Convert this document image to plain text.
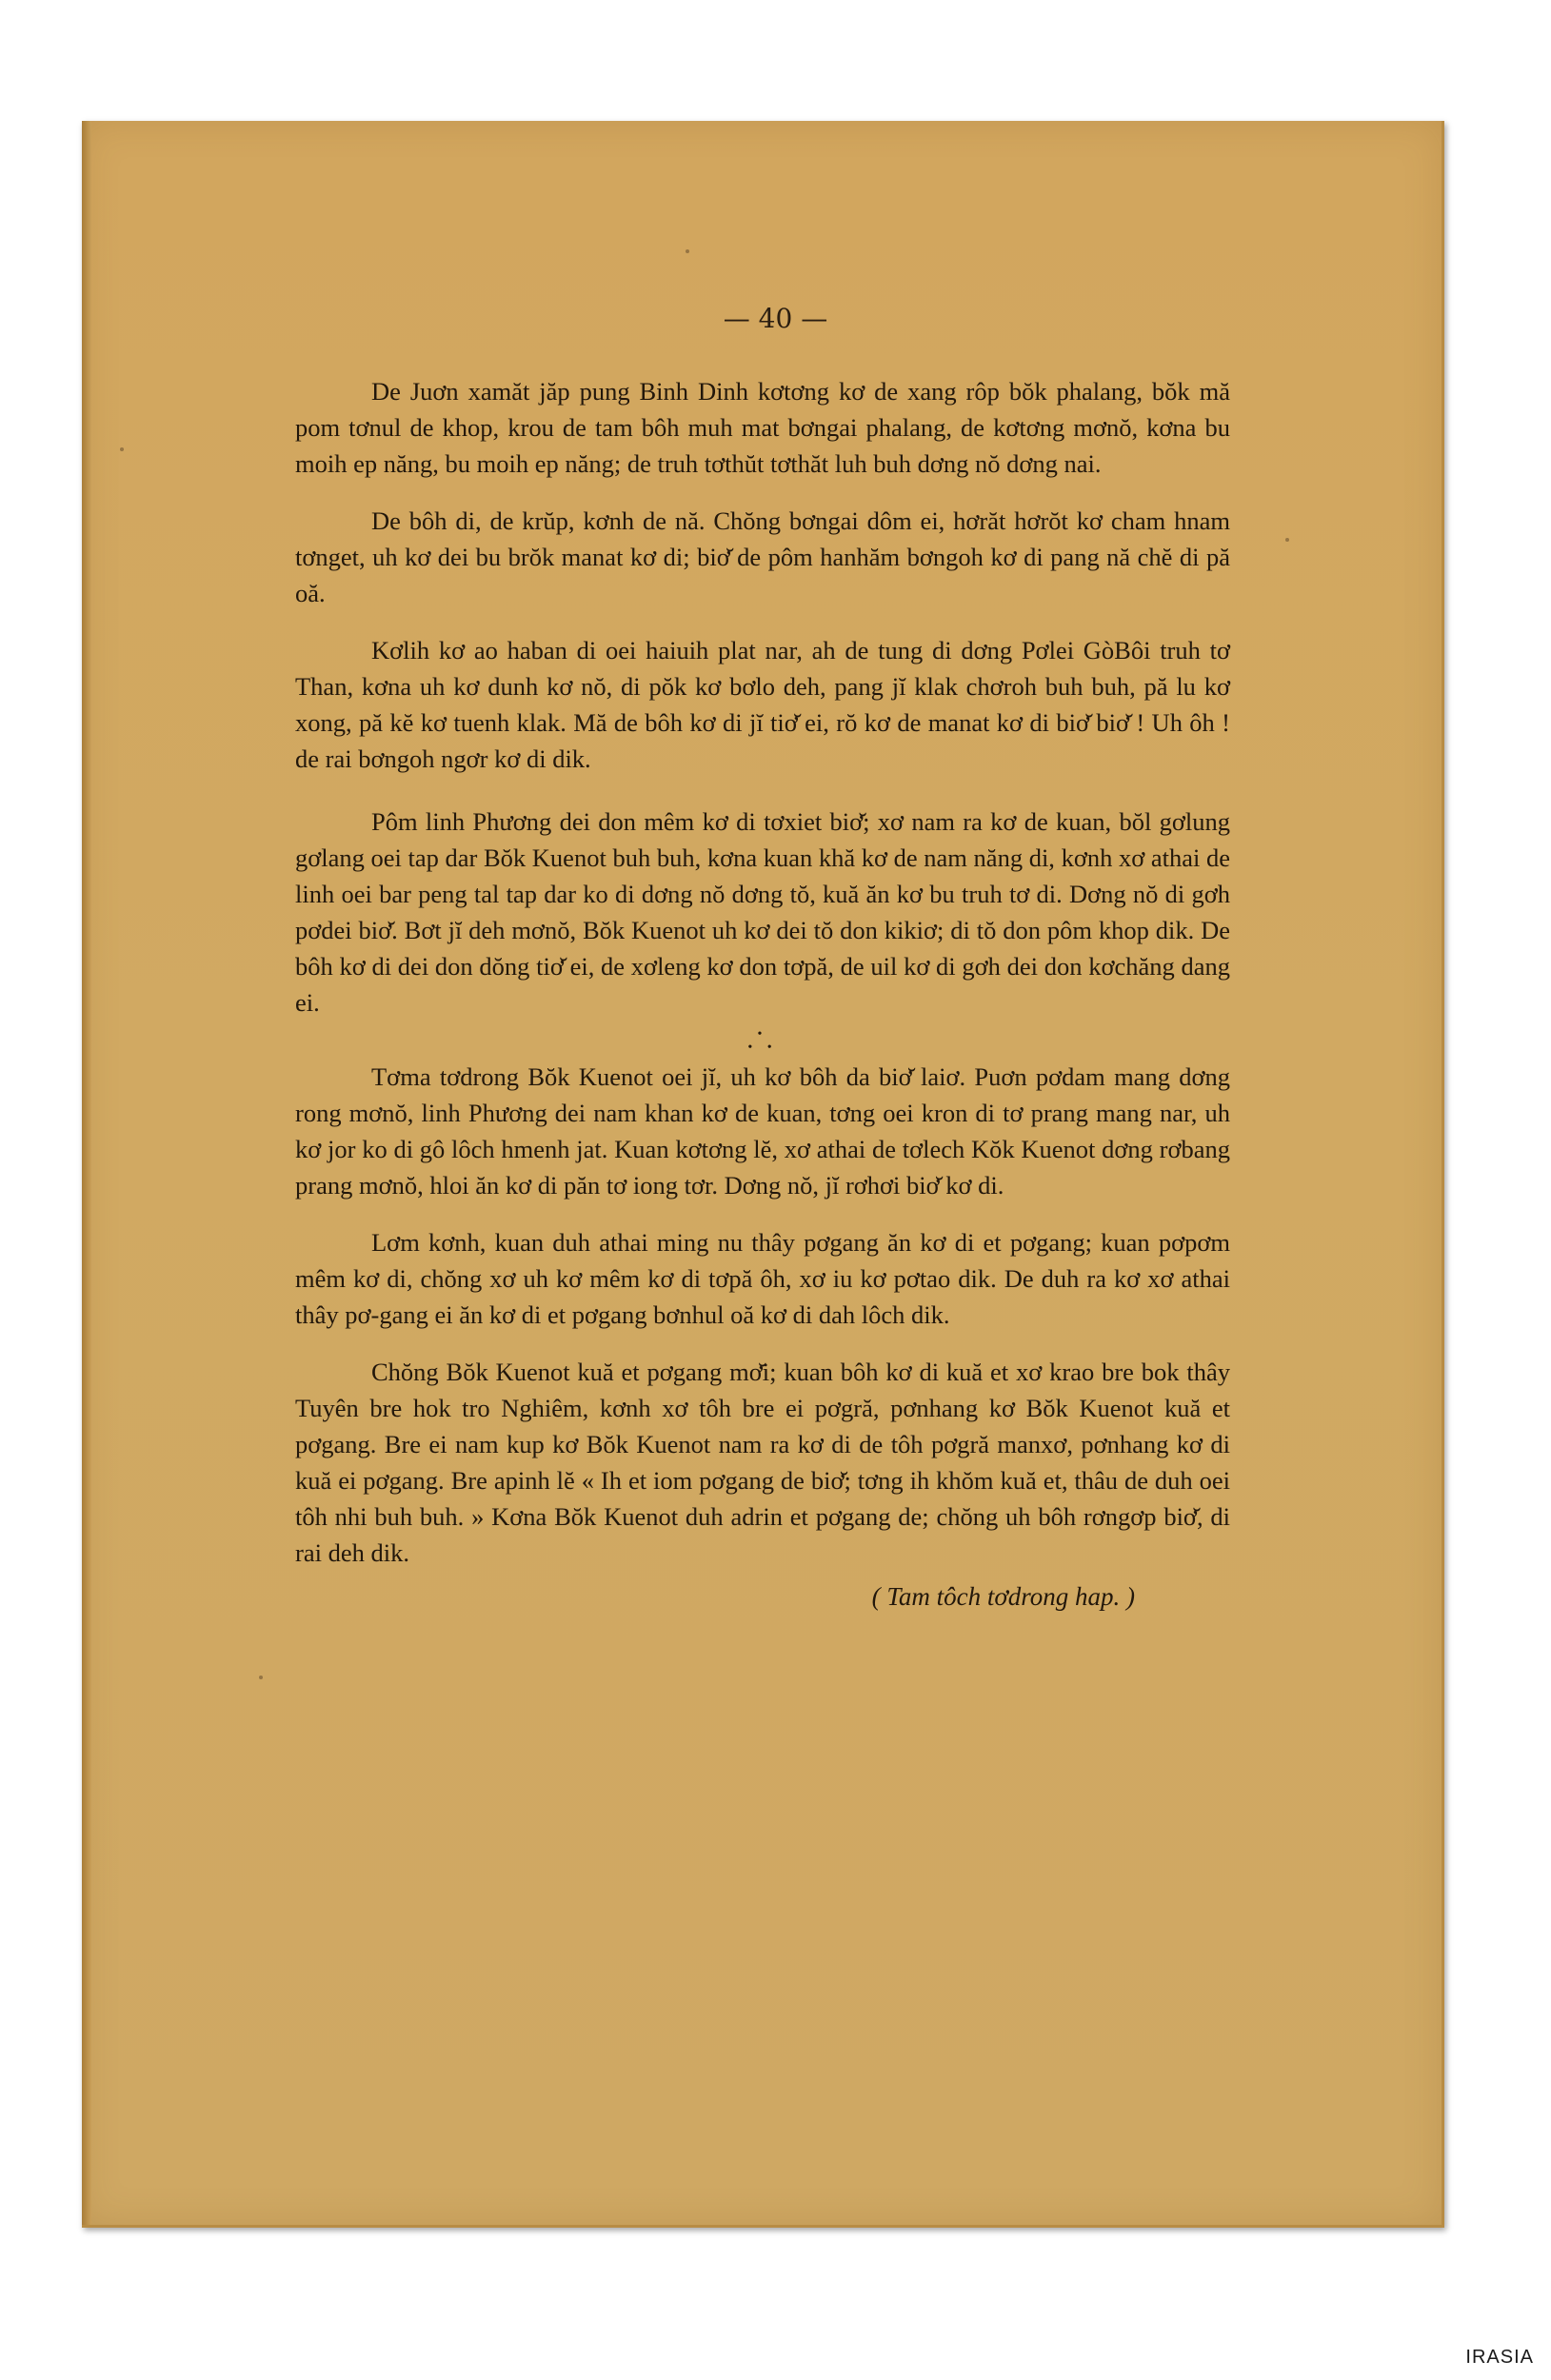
— 40 —

De Juơn xamăt jăp pung Binh Dinh kơtơng kơ de xang rôp bŏk phalang, bŏk mă pom tơnul de khop, krou de tam bôh muh mat bơngai phalang, de kơtơng mơnŏ, kơna bu moih ep năng, bu moih ep năng; de truh tơthŭt tơthăt luh buh dơng nŏ dơng nai.

De bôh di, de krŭp, kơnh de nă. Chŏng bơngai dôm ei, hơrăt hơrŏt kơ cham hnam tơnget, uh kơ dei bu brŏk manat kơ di; biơ̆ de pôm hanhăm bơngoh kơ di pang nă chĕ di pă oă.

Kơlih kơ ao haban di oei haiuih plat nar, ah de tung di dơng Pơlei GòBôi truh tơ Than, kơna uh kơ dunh kơ nŏ, di pŏk kơ bơlo deh, pang jĭ klak chơroh buh buh, pă lu kơ xong, pă kĕ kơ tuenh klak. Mă de bôh kơ di jĭ tiơ̆ ei, rŏ kơ de manat kơ di biơ̆ biơ̆ ! Uh ôh ! de rai bơngoh ngơr kơ di dik.

Pôm linh Phương dei don mêm kơ di tơxiet biơ̆; xơ nam ra kơ de kuan, bŏl gơlung gơlang oei tap dar Bŏk Kuenot buh buh, kơna kuan khă kơ de nam năng di, kơnh xơ athai de linh oei bar peng tal tap dar ko di dơng nŏ dơng tŏ, kuă ăn kơ bu truh tơ di. Dơng nŏ di gơh pơdei biơ̆. Bơt jĭ deh mơnŏ, Bŏk Kuenot uh kơ dei tŏ don kikiơ; di tŏ don pôm khop dik. De bôh kơ di dei don dŏng tiơ̆ ei, de xơleng kơ don tơpă, de uil kơ di gơh dei don kơchăng dang ei.

•
• •

Tơma tơdrong Bŏk Kuenot oei jĭ, uh kơ bôh da biơ̆ laiơ. Puơn pơdam mang dơng rong mơnŏ, linh Phương dei nam khan kơ de kuan, tơng oei kron di tơ prang mang nar, uh kơ jor ko di gô lôch hmenh jat. Kuan kơtơng lĕ, xơ athai de tơlech Kŏk Kuenot dơng rơbang prang mơnŏ, hloi ăn kơ di păn tơ iong tơr. Dơng nŏ, jĭ rơhơi biơ̆ kơ di.

Lơm kơnh, kuan duh athai ming nu thây pơgang ăn kơ di et pơgang; kuan pơpơm mêm kơ di, chŏng xơ uh kơ mêm kơ di tơpă ôh, xơ iu kơ pơtao dik. De duh ra kơ xơ athai thây pơ-gang ei ăn kơ di et pơgang bơnhul oă kơ di dah lôch dik.

Chŏng Bŏk Kuenot kuă et pơgang mơ̆i; kuan bôh kơ di kuă et xơ krao bre bok thây Tuyên bre hok tro Nghiêm, kơnh xơ tôh bre ei pơgră, pơnhang kơ Bŏk Kuenot kuă et pơgang. Bre ei nam kup kơ Bŏk Kuenot nam ra kơ di de tôh pơgră manxơ, pơnhang kơ di kuă ei pơgang. Bre apinh lĕ « Ih et iom pơgang de biơ̆; tơng ih khŏm kuă et, thâu de duh oei tôh nhi buh buh. » Kơna Bŏk Kuenot duh adrin et pơgang de; chŏng uh bôh rơngơp biơ̆, di rai deh dik.

( Tam tôch tơdrong hap. )
IRASIA
